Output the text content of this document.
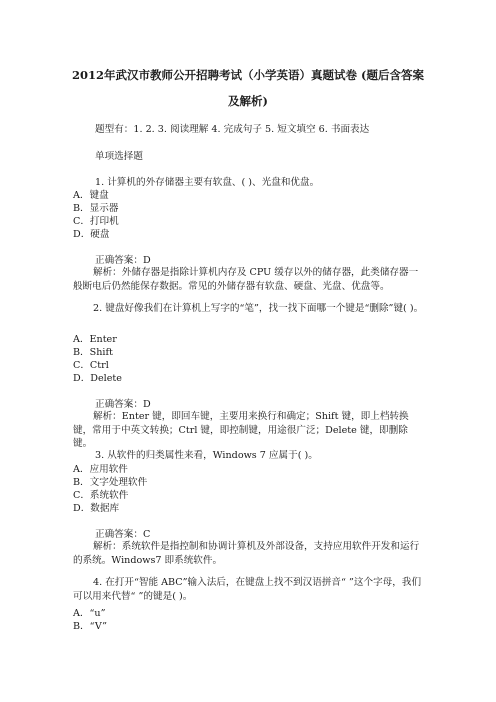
2012年武汉市教师公开招聘考试（小学英语）真题试卷 (题后含答案
及解析)
题型有：1. 2. 3. 阅读理解 4. 完成句子 5. 短文填空 6. 书面表达
单项选择题
1. 计算机的外存储器主要有软盘、( )、光盘和优盘。
A．键盘
B．显示器
C．打印机
D．硬盘
正确答案：D
解析：外储存器是指除计算机内存及 CPU 缓存以外的储存器，此类储存器一般断电后仍然能保存数据。常见的外储存器有软盘、硬盘、光盘、优盘等。
2. 键盘好像我们在计算机上写字的“笔”，找一找下面哪一个键是“删除”键( )。
A．Enter
B．Shift
C．Ctrl
D．Delete
正确答案：D
解析：Enter 键，即回车键，主要用来换行和确定；Shift 键，即上档转换键，常用于中英文转换；Ctrl 键，即控制键，用途很广泛；Delete 键，即删除键。
3. 从软件的归类属性来看，Windows 7 应属于( )。
A．应用软件
B．文字处理软件
C．系统软件
D．数据库
正确答案：C
解析：系统软件是指控制和协调计算机及外部设备，支持应用软件开发和运行的系统。Windows7 即系统软件。
4. 在打开“智能 ABC”输入法后，在键盘上找不到汉语拼音“ ”这个字母，我们可以用来代替“ ”的键是( )。
A．“u”
B．“V”
